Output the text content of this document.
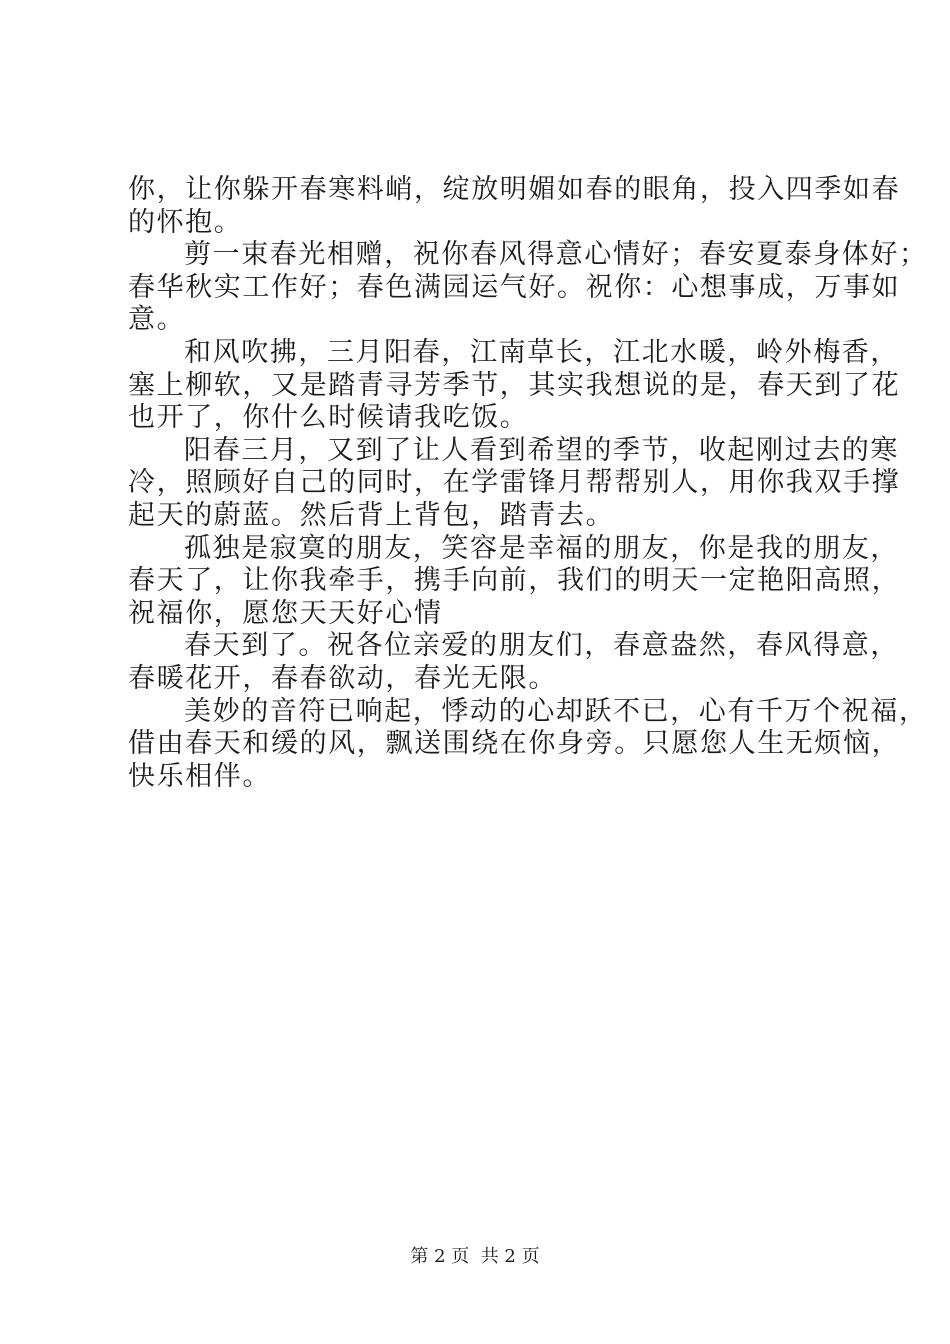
你，让你躲开春寒料峭，绽放明媚如春的眼角，投入四季如春
的怀抱。
剪一束春光相赠，祝你春风得意心情好；春安夏泰身体好；
春华秋实工作好；春色满园运气好。祝你：心想事成，万事如
意。
和风吹拂，三月阳春，江南草长，江北水暖，岭外梅香，
塞上柳软，又是踏青寻芳季节，其实我想说的是，春天到了花
也开了，你什么时候请我吃饭。
阳春三月，又到了让人看到希望的季节，收起刚过去的寒
冷，照顾好自己的同时，在学雷锋月帮帮别人，用你我双手撑
起天的蔚蓝。然后背上背包，踏青去。
孤独是寂寞的朋友，笑容是幸福的朋友，你是我的朋友，
春天了，让你我牵手，携手向前，我们的明天一定艳阳高照，
祝福你，愿您天天好心情
春天到了。祝各位亲爱的朋友们，春意盎然，春风得意，
春暖花开，春春欲动，春光无限。
美妙的音符已响起，悸动的心却跃不已，心有千万个祝福，
借由春天和缓的风，飘送围绕在你身旁。只愿您人生无烦恼，
快乐相伴。
第 2 页  共 2 页
